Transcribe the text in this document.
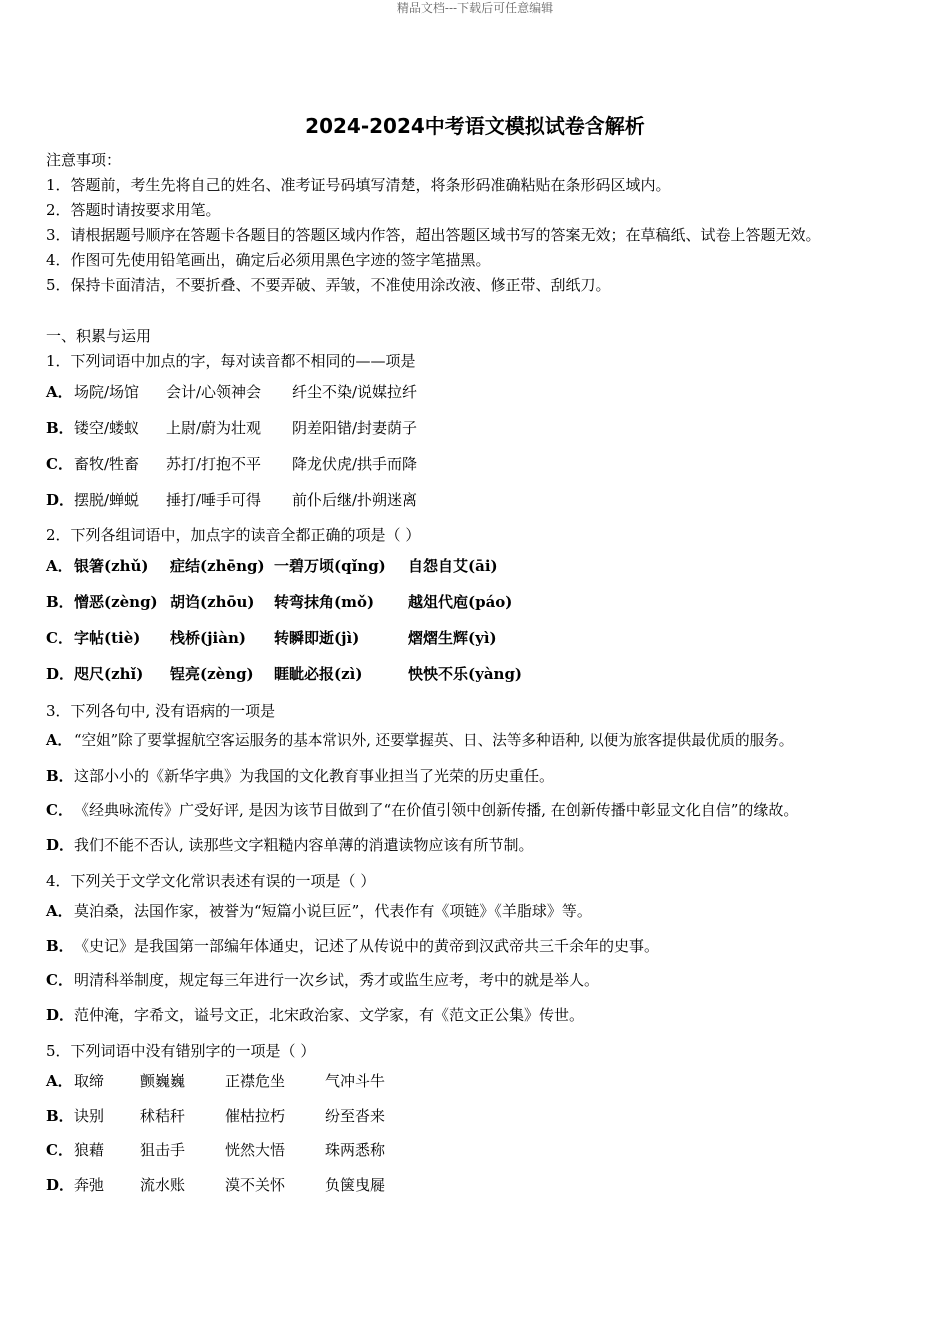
精品文档---下载后可任意编辑
2024-2024中考语文模拟试卷含解析
注意事项：
1．答题前，考生先将自己的姓名、准考证号码填写清楚，将条形码准确粘贴在条形码区域内。
2．答题时请按要求用笔。
3．请根据题号顺序在答题卡各题目的答题区域内作答，超出答题区域书写的答案无效；在草稿纸、试卷上答题无效。
4．作图可先使用铅笔画出，确定后必须用黑色字迹的签字笔描黑。
5．保持卡面清洁，不要折叠、不要弄破、弄皱，不准使用涂改液、修正带、刮纸刀。
一、积累与运用
1．下列词语中加点的字，每对读音都不相同的——项是
A．场院/场馆 会计/心领神会 纤尘不染/说媒拉纤
B．镂空/蝼蚁 上尉/蔚为壮观 阴差阳错/封妻荫子
C．畜牧/牲畜 苏打/打抱不平 降龙伏虎/拱手而降
D．摆脱/蝉蜕 捶打/唾手可得 前仆后继/扑朔迷离
2．下列各组词语中，加点字的读音全都正确的项是（ ）
A．银箸(zhǔ) 症结(zhēng) 一碧万顷(qǐng) 自怨自艾(āi)
B．憎恶(zèng) 胡诌(zhōu) 转弯抹角(mǒ) 越俎代庖(páo)
C．字帖(tiè) 栈桥(jiàn) 转瞬即逝(jì)	熠熠生辉(yì)
D．咫尺(zhǐ) 锃亮(zèng) 睚眦必报(zì)	怏怏不乐(yàng)
3．下列各句中, 没有语病的一项是
A． “空姐”除了要掌握航空客运服务的基本常识外, 还要掌握英、日、法等多种语种, 以便为旅客提供最优质的服务。
B．这部小小的《新华字典》为我国的文化教育事业担当了光荣的历史重任。
C．《经典咏流传》广受好评, 是因为该节目做到了“在价值引领中创新传播, 在创新传播中彰显文化自信”的缘故。
D．我们不能不否认, 读那些文字粗糙内容单薄的消遣读物应该有所节制。
4．下列关于文学文化常识表述有误的一项是（ ）
A．莫泊桑，法国作家，被誉为“短篇小说巨匠”，代表作有《项链》《羊脂球》等。
B．《史记》是我国第一部编年体通史，记述了从传说中的黄帝到汉武帝共三千余年的史事。
C．明清科举制度，规定每三年进行一次乡试，秀才或监生应考，考中的就是举人。
D．范仲淹，字希文，谥号文正，北宋政治家、文学家，有《范文正公集》传世。
5．下列词语中没有错别字的一项是（ ）
A．取缔 颤巍巍	正襟危坐	气冲斗牛
B．诀别 秫秸秆	催枯拉朽	纷至沓来
C．狼藉 狙击手	恍然大悟	珠两悉称
D．奔弛 流水账	漠不关怀	负箧曳屣
